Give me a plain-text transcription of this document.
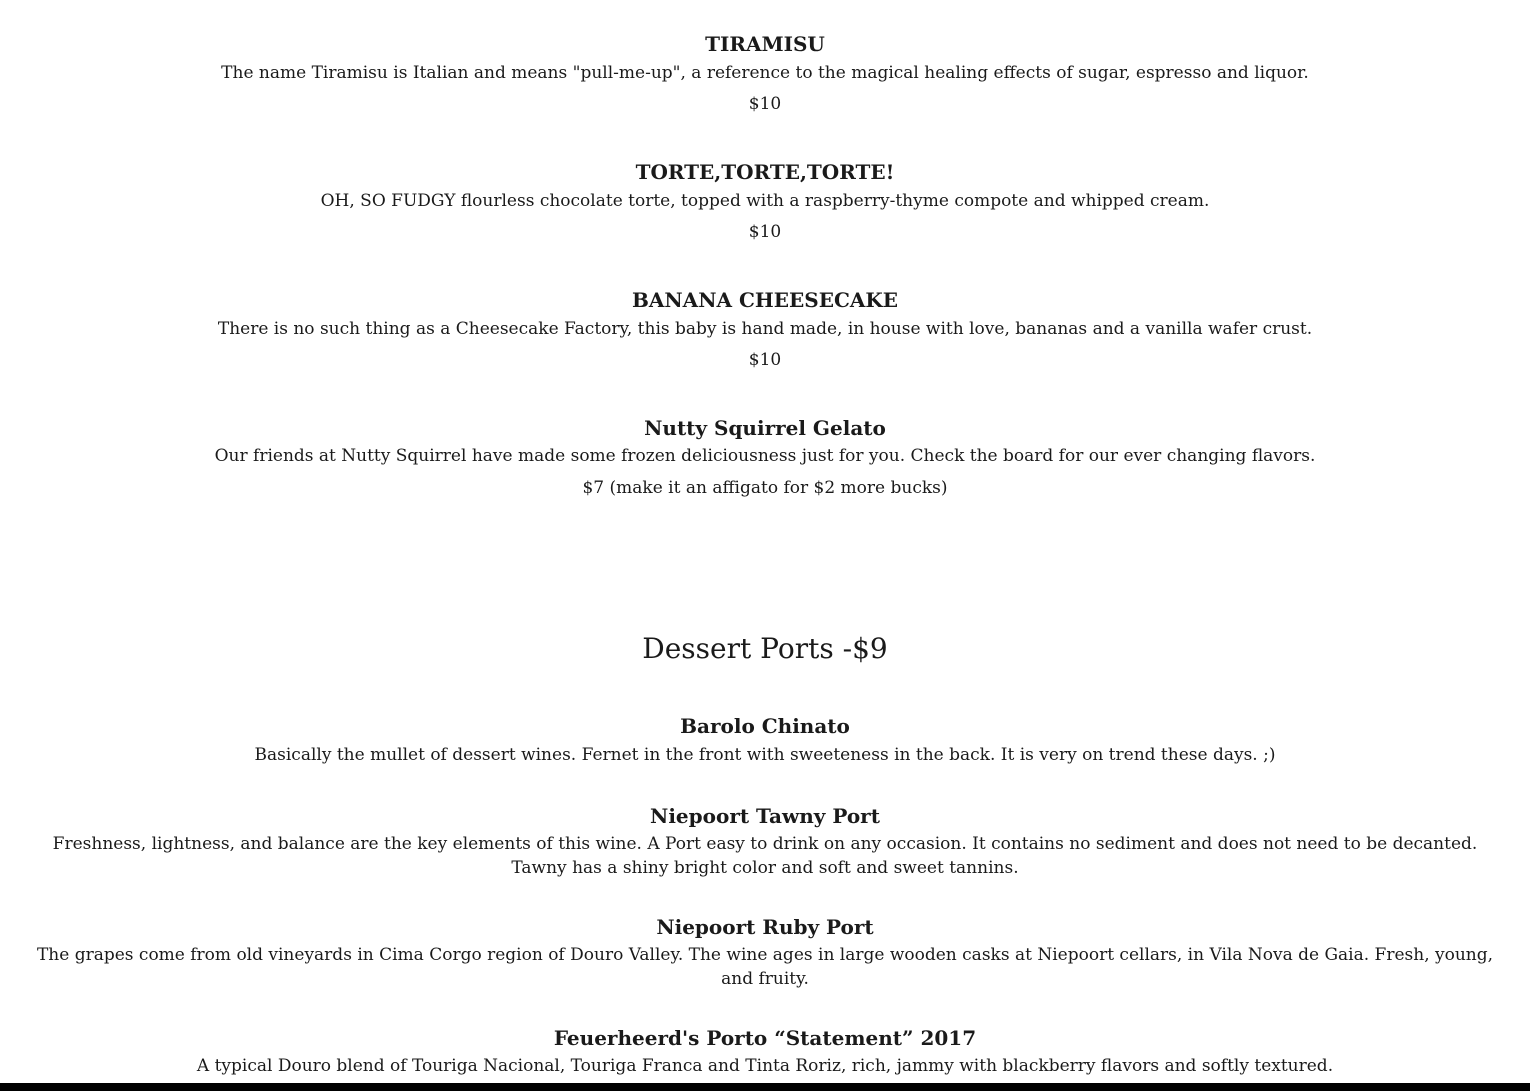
TIRAMISU
The name Tiramisu is Italian and means "pull-me-up", a reference to the magical healing effects of sugar, espresso and liquor.
$10
TORTE,TORTE,TORTE!
OH, SO FUDGY flourless chocolate torte, topped with a raspberry-thyme compote and whipped cream.
$10
BANANA CHEESECAKE
There is no such thing as a Cheesecake Factory, this baby is hand made, in house with love, bananas and a vanilla wafer crust.
$10
Nutty Squirrel Gelato
Our friends at Nutty Squirrel have made some frozen deliciousness just for you. Check the board for our ever changing flavors.
$7 (make it an affigato for $2 more bucks)
Dessert Ports -$9
Barolo Chinato
Basically the mullet of dessert wines. Fernet in the front with sweeteness in the back. It is very on trend these days. ;)
Niepoort Tawny Port
Freshness, lightness, and balance are the key elements of this wine. A Port easy to drink on any occasion. It contains no sediment and does not need to be decanted. Tawny has a shiny bright color and soft and sweet tannins.
Niepoort Ruby Port
The grapes come from old vineyards in Cima Corgo region of Douro Valley. The wine ages in large wooden casks at Niepoort cellars, in Vila Nova de Gaia. Fresh, young, and fruity.
Feuerheerd's Porto “Statement” 2017
A typical Douro blend of Touriga Nacional, Touriga Franca and Tinta Roriz, rich, jammy with blackberry flavors and softly textured.
